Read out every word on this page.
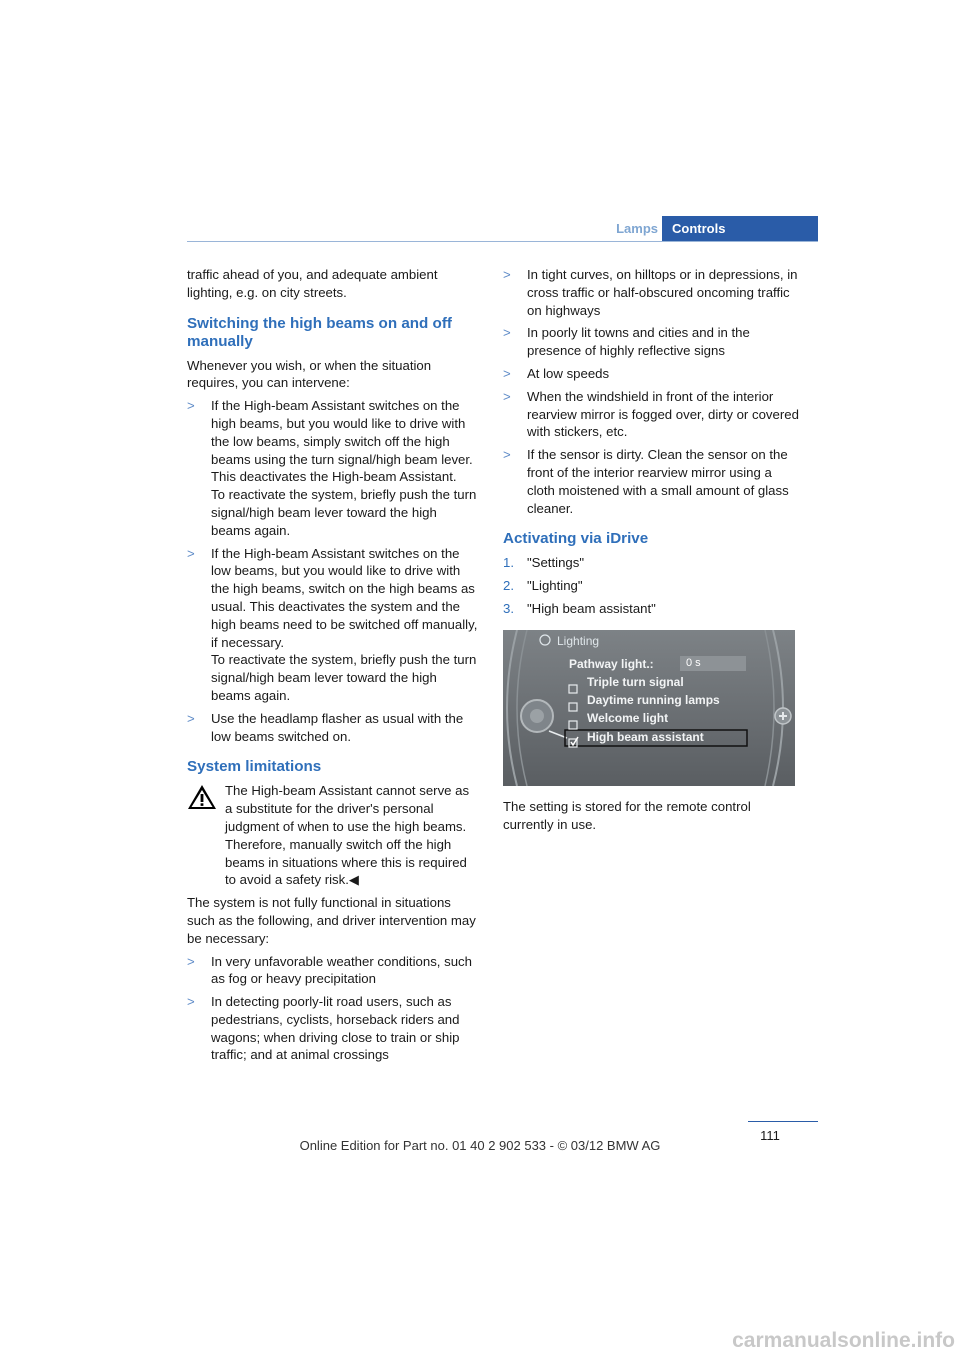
Lamps	Controls

traffic ahead of you, and adequate ambient lighting, e.g. on city streets.

Switching the high beams on and off manually

Whenever you wish, or when the situation requires, you can intervene:

> If the High-beam Assistant switches on the high beams, but you would like to drive with the low beams, simply switch off the high beams using the turn signal/high beam lever. This deactivates the High-beam Assistant.
To reactivate the system, briefly push the turn signal/high beam lever toward the high beams again.
> If the High-beam Assistant switches on the low beams, but you would like to drive with the high beams, switch on the high beams as usual. This deactivates the system and the high beams need to be switched off manually, if necessary.
To reactivate the system, briefly push the turn signal/high beam lever toward the high beams again.
> Use the headlamp flasher as usual with the low beams switched on.
System limitations

The High-beam Assistant cannot serve as a substitute for the driver's personal judgment of when to use the high beams. Therefore, manually switch off the high beams in situations where this is required to avoid a safety risk.◀

The system is not fully functional in situations such as the following, and driver intervention may be necessary:

> In very unfavorable weather conditions, such as fog or heavy precipitation
> In detecting poorly-lit road users, such as pedestrians, cyclists, horseback riders and wagons; when driving close to train or ship traffic; and at animal crossings
> In tight curves, on hilltops or in depressions, in cross traffic or half-obscured oncoming traffic on highways
> In poorly lit towns and cities and in the presence of highly reflective signs
> At low speeds
> When the windshield in front of the interior rearview mirror is fogged over, dirty or covered with stickers, etc.
> If the sensor is dirty. Clean the sensor on the front of the interior rearview mirror using a cloth moistened with a small amount of glass cleaner.
Activating via iDrive
1. "Settings"
2. "Lighting"
3. "High beam assistant"
Lighting
Pathway light.:	0 s
Triple turn signal
Daytime running lamps
Welcome light
High beam assistant

The setting is stored for the remote control currently in use.

111
Online Edition for Part no. 01 40 2 902 533 - © 03/12 BMW AG
carmanualsonline.info
